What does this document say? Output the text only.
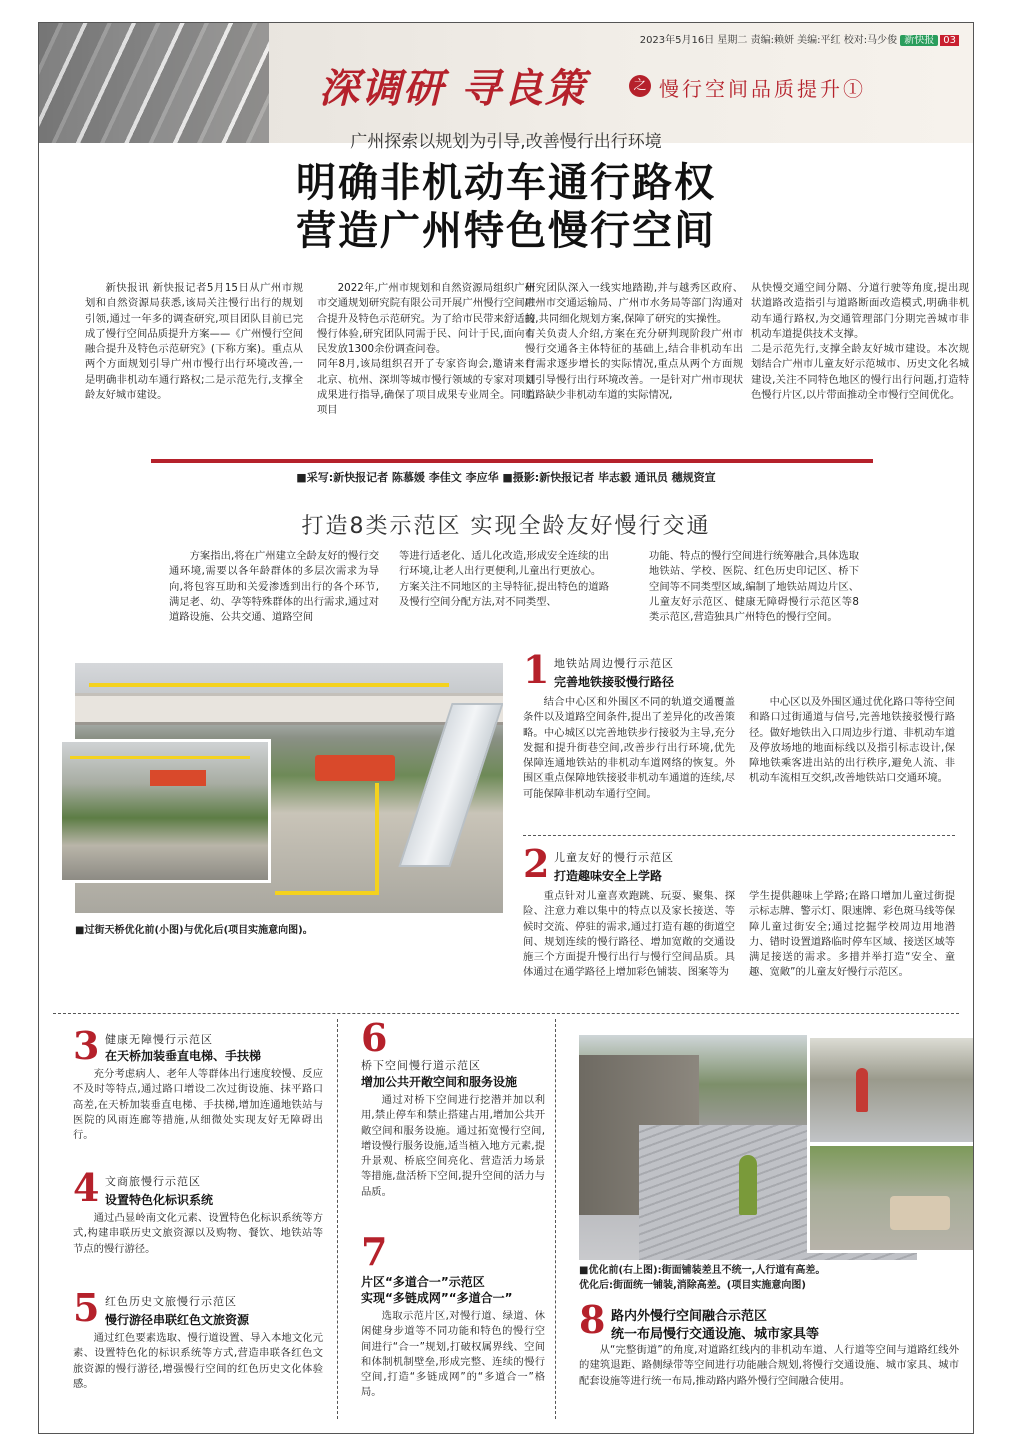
2023年5月16日 星期二 责编:赖妍 美编:平红 校对:马少俊 新快报 03
深调研 寻良策	之 慢行空间品质提升①
广州探索以规划为引导,改善慢行出行环境
明确非机动车通行路权
营造广州特色慢行空间

新快报讯 新快报记者5月15日从广州市规划和自然资源局获悉,该局关注慢行出行的规划引领,通过一年多的调查研究,项目团队目前已完成了慢行空间品质提升方案——《广州慢行空间融合提升及特色示范研究》(下称方案)。重点从两个方面规划引导广州市慢行出行环境改善,一是明确非机动车通行路权;二是示范先行,支撑全龄友好城市建设。

2022年,广州市规划和自然资源局组织广州市交通规划研究院有限公司开展广州慢行空间融合提升及特色示范研究。为了给市民带来舒适的慢行体验,研究团队同需于民、问计于民,面向市民发放1300余份调查问卷。
同年8月,该局组织召开了专家咨询会,邀请来自北京、杭州、深圳等城市慢行领域的专家对项目成果进行指导,确保了项目成果专业周全。同时,项目

研究团队深入一线实地踏勘,并与越秀区政府、广州市交通运输局、广州市水务局等部门沟通对接,共同细化规划方案,保障了研究的实操性。
有关负责人介绍,方案在充分研判现阶段广州市慢行交通各主体特征的基础上,结合非机动车出行需求逐步增长的实际情况,重点从两个方面规划引导慢行出行环境改善。一是针对广州市现状道路缺少非机动车道的实际情况,

从快慢交通空间分隔、分道行驶等角度,提出现状道路改造指引与道路断面改造模式,明确非机动车通行路权,为交通管理部门分期完善城市非机动车道提供技术支撑。
二是示范先行,支撑全龄友好城市建设。本次规划结合广州市儿童友好示范城市、历史文化名城建设,关注不同特色地区的慢行出行问题,打造特色慢行片区,以片带面推动全市慢行空间优化。

■采写:新快报记者 陈慕媛 李佳文 李应华 ■摄影:新快报记者 毕志毅 通讯员 穗规资宣
打造8类示范区 实现全龄友好慢行交通

方案指出,将在广州建立全龄友好的慢行交通环境,需要以各年龄群体的多层次需求为导向,将包容互助和关爱渗透到出行的各个环节,满足老、幼、孕等特殊群体的出行需求,通过对道路设施、公共交通、道路空间

等进行适老化、适儿化改造,形成安全连续的出行环境,让老人出行更便利,儿童出行更放心。
方案关注不同地区的主导特征,提出特色的道路及慢行空间分配方法,对不同类型、

功能、特点的慢行空间进行统筹融合,具体选取地铁站、学校、医院、红色历史印记区、桥下空间等不同类型区域,编制了地铁站周边片区、儿童友好示范区、健康无障碍慢行示范区等8类示范区,营造独具广州特色的慢行空间。

■过街天桥优化前(小图)与优化后(项目实施意向图)。
1 地铁站周边慢行示范区
完善地铁接驳慢行路径

结合中心区和外围区不同的轨道交通覆盖条件以及道路空间条件,提出了差异化的改善策略。中心城区以完善地铁步行接驳为主导,充分发掘和提升街巷空间,改善步行出行环境,优先保障连通地铁站的非机动车道网络的恢复。外围区重点保障地铁接驳非机动车通道的连续,尽可能保障非机动车通行空间。

中心区以及外围区通过优化路口等待空间和路口过街通道与信号,完善地铁接驳慢行路径。做好地铁出入口周边步行道、非机动车道及停放场地的地面标线以及指引标志设计,保障地铁乘客进出站的出行秩序,避免人流、非机动车流相互交织,改善地铁站口交通环境。

2 儿童友好的慢行示范区
打造趣味安全上学路

重点针对儿童喜欢跑跳、玩耍、聚集、探险、注意力难以集中的特点以及家长接送、等候时交流、停驻的需求,通过打造有趣的街道空间、规划连续的慢行路径、增加宽敞的交通设施三个方面提升慢行出行与慢行空间品质。具体通过在通学路径上增加彩色铺装、图案等为

学生提供趣味上学路;在路口增加儿童过街提示标志牌、警示灯、限速牌、彩色斑马线等保障儿童过街安全;通过挖掘学校周边用地潜力、错时设置道路临时停车区域、接送区域等满足接送的需求。多措并举打造“安全、童趣、宽敞”的儿童友好慢行示范区。

3 健康无障慢行示范区
在天桥加装垂直电梯、手扶梯

充分考虑病人、老年人等群体出行速度较慢、反应不及时等特点,通过路口增设二次过街设施、抹平路口高差,在天桥加装垂直电梯、手扶梯,增加连通地铁站与医院的风雨连廊等措施,从细微处实现友好无障碍出行。

4 文商旅慢行示范区
设置特色化标识系统

通过凸显岭南文化元素、设置特色化标识系统等方式,构建串联历史文旅资源以及购物、餐饮、地铁站等节点的慢行游径。

5 红色历史文旅慢行示范区
慢行游径串联红色文旅资源

通过红色要素选取、慢行道设置、导入本地文化元素、设置特色化的标识系统等方式,营造串联各红色文旅资源的慢行游径,增强慢行空间的红色历史文化体验感。

6
桥下空间慢行道示范区
增加公共开敞空间和服务设施

通过对桥下空间进行挖潜并加以利用,禁止停车和禁止搭建占用,增加公共开敞空间和服务设施。通过拓宽慢行空间,增设慢行服务设施,适当植入地方元素,提升景观、桥底空间亮化、营造活力场景等措施,盘活桥下空间,提升空间的活力与品质。

7
片区“多道合一”示范区
实现“多链成网”“多道合一”

选取示范片区,对慢行道、绿道、休闲健身步道等不同功能和特色的慢行空间进行“合一”规划,打破权属界线、空间和体制机制壁垒,形成完整、连续的慢行空间,打造“多链成网”的“多道合一”格局。

■优化前(右上图):街面铺装差且不统一,人行道有高差。
优化后:街面统一铺装,消除高差。(项目实施意向图)
8 路内外慢行空间融合示范区
统一布局慢行交通设施、城市家具等

从“完整街道”的角度,对道路红线内的非机动车道、人行道等空间与道路红线外的建筑退距、路侧绿带等空间进行功能融合规划,将慢行交通设施、城市家具、城市配套设施等进行统一布局,推动路内路外慢行空间融合使用。
